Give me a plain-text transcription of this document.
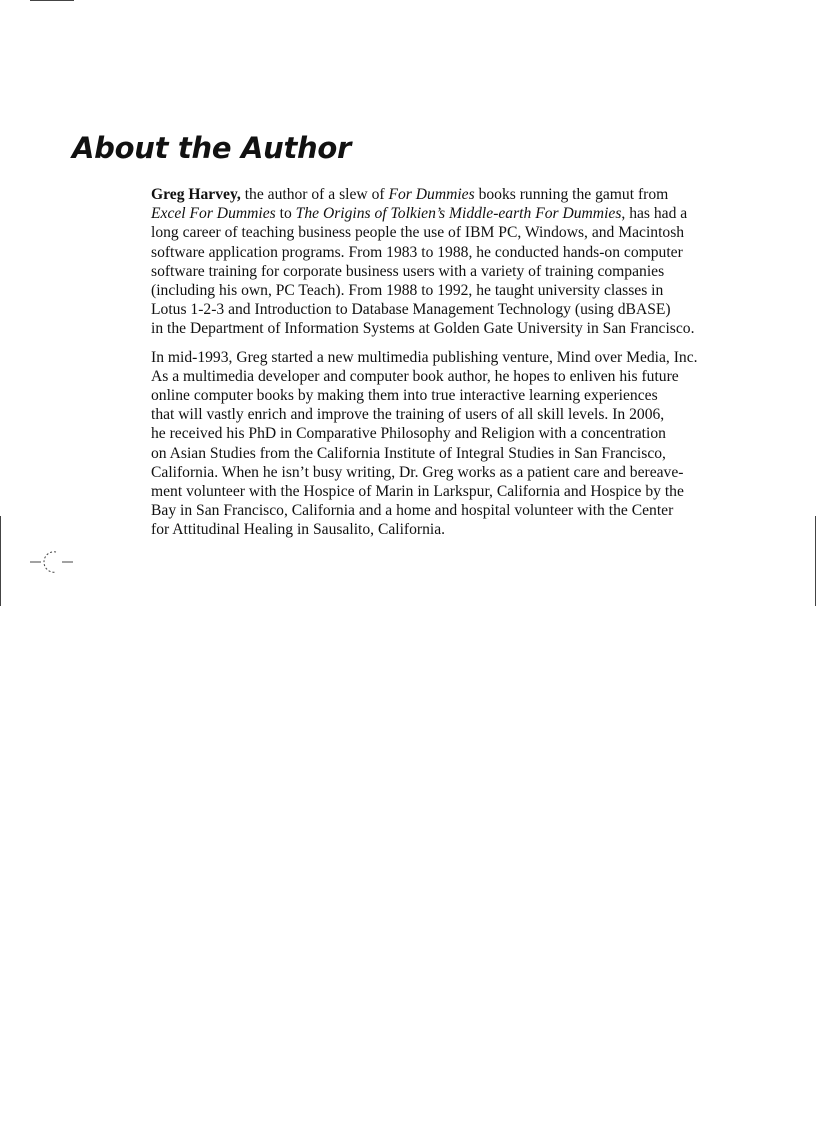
About the Author

Greg Harvey, the author of a slew of For Dummies books running the gamut from
Excel For Dummies to The Origins of Tolkien’s Middle-earth For Dummies, has had a
long career of teaching business people the use of IBM PC, Windows, and Macintosh
software application programs. From 1983 to 1988, he conducted hands-on computer
software training for corporate business users with a variety of training companies
(including his own, PC Teach). From 1988 to 1992, he taught university classes in
Lotus 1-2-3 and Introduction to Database Management Technology (using dBASE)
in the Department of Information Systems at Golden Gate University in San Francisco.

In mid-1993, Greg started a new multimedia publishing venture, Mind over Media, Inc.
As a multimedia developer and computer book author, he hopes to enliven his future
online computer books by making them into true interactive learning experiences
that will vastly enrich and improve the training of users of all skill levels. In 2006,
he received his PhD in Comparative Philosophy and Religion with a concentration
on Asian Studies from the California Institute of Integral Studies in San Francisco,
California. When he isn’t busy writing, Dr. Greg works as a patient care and bereave-
ment volunteer with the Hospice of Marin in Larkspur, California and Hospice by the
Bay in San Francisco, California and a home and hospital volunteer with the Center
for Attitudinal Healing in Sausalito, California.
